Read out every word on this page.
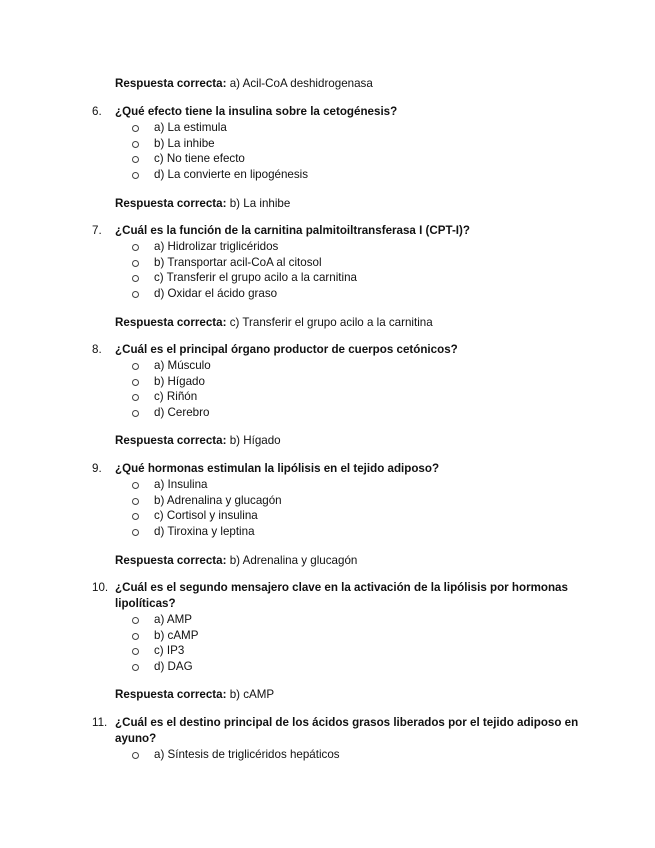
Respuesta correcta: a) Acil-CoA deshidrogenasa

6. ¿Qué efecto tiene la insulina sobre la cetogénesis?

a) La estimula
b) La inhibe
c) No tiene efecto
d) La convierte en lipogénesis

Respuesta correcta: b) La inhibe

7. ¿Cuál es la función de la carnitina palmitoiltransferasa I (CPT-I)?

a) Hidrolizar triglicéridos
b) Transportar acil-CoA al citosol
c) Transferir el grupo acilo a la carnitina
d) Oxidar el ácido graso

Respuesta correcta: c) Transferir el grupo acilo a la carnitina

8. ¿Cuál es el principal órgano productor de cuerpos cetónicos?

a) Músculo
b) Hígado
c) Riñón
d) Cerebro

Respuesta correcta: b) Hígado

9. ¿Qué hormonas estimulan la lipólisis en el tejido adiposo?

a) Insulina
b) Adrenalina y glucagón
c) Cortisol y insulina
d) Tiroxina y leptina

Respuesta correcta: b) Adrenalina y glucagón

10. ¿Cuál es el segundo mensajero clave en la activación de la lipólisis por hormonas lipolíticas?

a) AMP
b) cAMP
c) IP3
d) DAG

Respuesta correcta: b) cAMP

11. ¿Cuál es el destino principal de los ácidos grasos liberados por el tejido adiposo en ayuno?

a) Síntesis de triglicéridos hepáticos
